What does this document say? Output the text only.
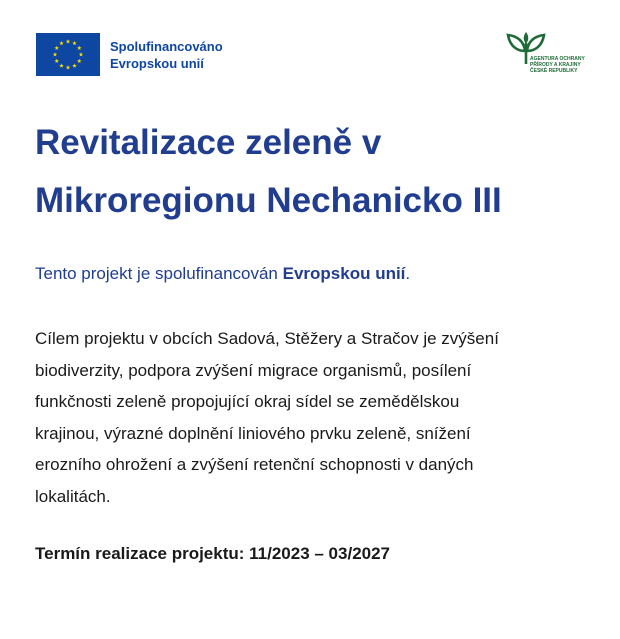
Spolufinancováno
Evropskou unií	AGENTURA OCHRANY
PŘÍRODY A KRAJINY
ČESKÉ REPUBLIKY
Revitalizace zeleně v
Mikroregionu Nechanicko III

Tento projekt je spolufinancován Evropskou unií.

Cílem projektu v obcích Sadová, Stěžery a Stračov je zvýšení
biodiverzity, podpora zvýšení migrace organismů, posílení
funkčnosti zeleně propojující okraj sídel se zemědělskou
krajinou, výrazné doplnění liniového prvku zeleně, snížení
erozního ohrožení a zvýšení retenční schopnosti v daných
lokalitách.

Termín realizace projektu: 11/2023 – 03/2027
